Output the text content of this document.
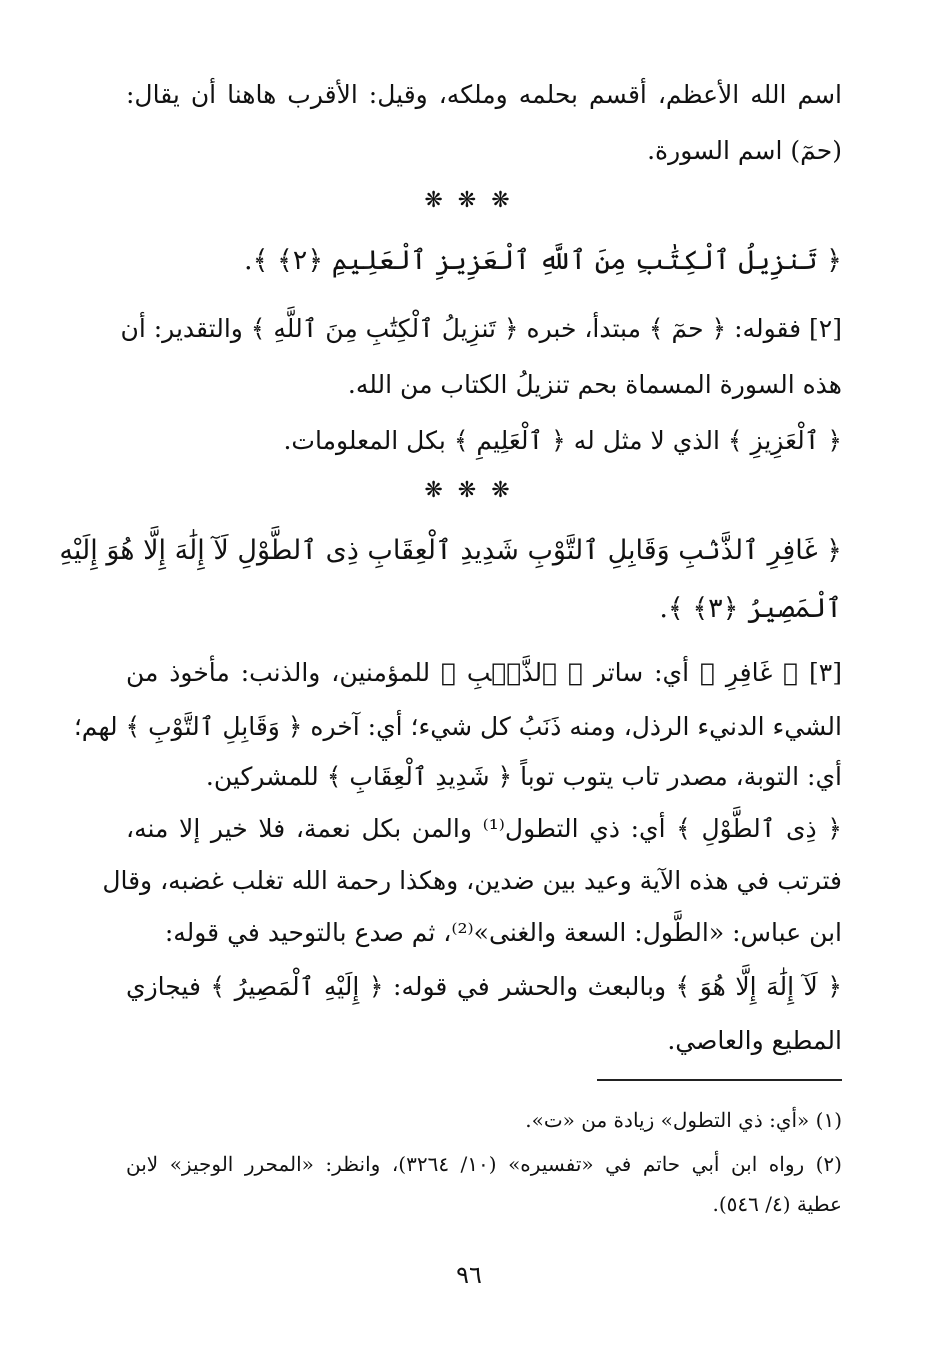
اسم الله الأعظم، أقسم بحلمه وملكه، وقيل: الأقرب هاهنا أن يقال:
(حمٓ) اسم السورة.
❋ ❋ ❋
﴿ تَنزِيلُ ٱلْكِتَٰبِ مِنَ ٱللَّهِ ٱلْعَزِيزِ ٱلْعَلِيمِ ﴿٢﴾ ﴾.
[٢] فقوله: ﴿ حمٓ ﴾ مبتدأ، خبره ﴿ تَنزِيلُ ٱلْكِتَٰبِ مِنَ ٱللَّهِ ﴾ والتقدير: أن
هذه السورة المسماة بحم تنزيلُ الكتاب من الله.
﴿ ٱلْعَزِيزِ ﴾ الذي لا مثل له ﴿ ٱلْعَلِيمِ ﴾ بكل المعلومات.
❋ ❋ ❋
﴿ غَافِرِ ٱلذَّنۢبِ وَقَابِلِ ٱلتَّوْبِ شَدِيدِ ٱلْعِقَابِ ذِى ٱلطَّوْلِ لَآ إِلَٰهَ إِلَّا هُوَ إِلَيْهِ
ٱلْمَصِيرُ ﴿٣﴾ ﴾.
[٣] ﴿ غَافِرِ ﴾ أي: ساتر ﴿ ٱلذَّنۢبِ ﴾ للمؤمنين، والذنب: مأخوذ من
الشيء الدنيء الرذل، ومنه ذَنَبُ كل شيء؛ أي: آخره ﴿ وَقَابِلِ ٱلتَّوْبِ ﴾ لهم؛
أي: التوبة، مصدر تاب يتوب توباً ﴿ شَدِيدِ ٱلْعِقَابِ ﴾ للمشركين.
﴿ ذِى ٱلطَّوْلِ ﴾ أي: ذي التطول⁽¹⁾ والمن بكل نعمة، فلا خير إلا منه،
فترتب في هذه الآية وعيد بين ضدين، وهكذا رحمة الله تغلب غضبه، وقال
ابن عباس: «الطَّول: السعة والغنى»⁽²⁾، ثم صدع بالتوحيد في قوله:
﴿ لَآ إِلَٰهَ إِلَّا هُوَ ﴾ وبالبعث والحشر في قوله: ﴿ إِلَيْهِ ٱلْمَصِيرُ ﴾ فيجازي
المطيع والعاصي.
(١) «أي: ذي التطول» زيادة من «ت».
(٢) رواه ابن أبي حاتم في «تفسيره» (١٠/ ٣٢٦٤)، وانظر: «المحرر الوجيز» لابن
عطية (٤/ ٥٤٦).
٩٦
